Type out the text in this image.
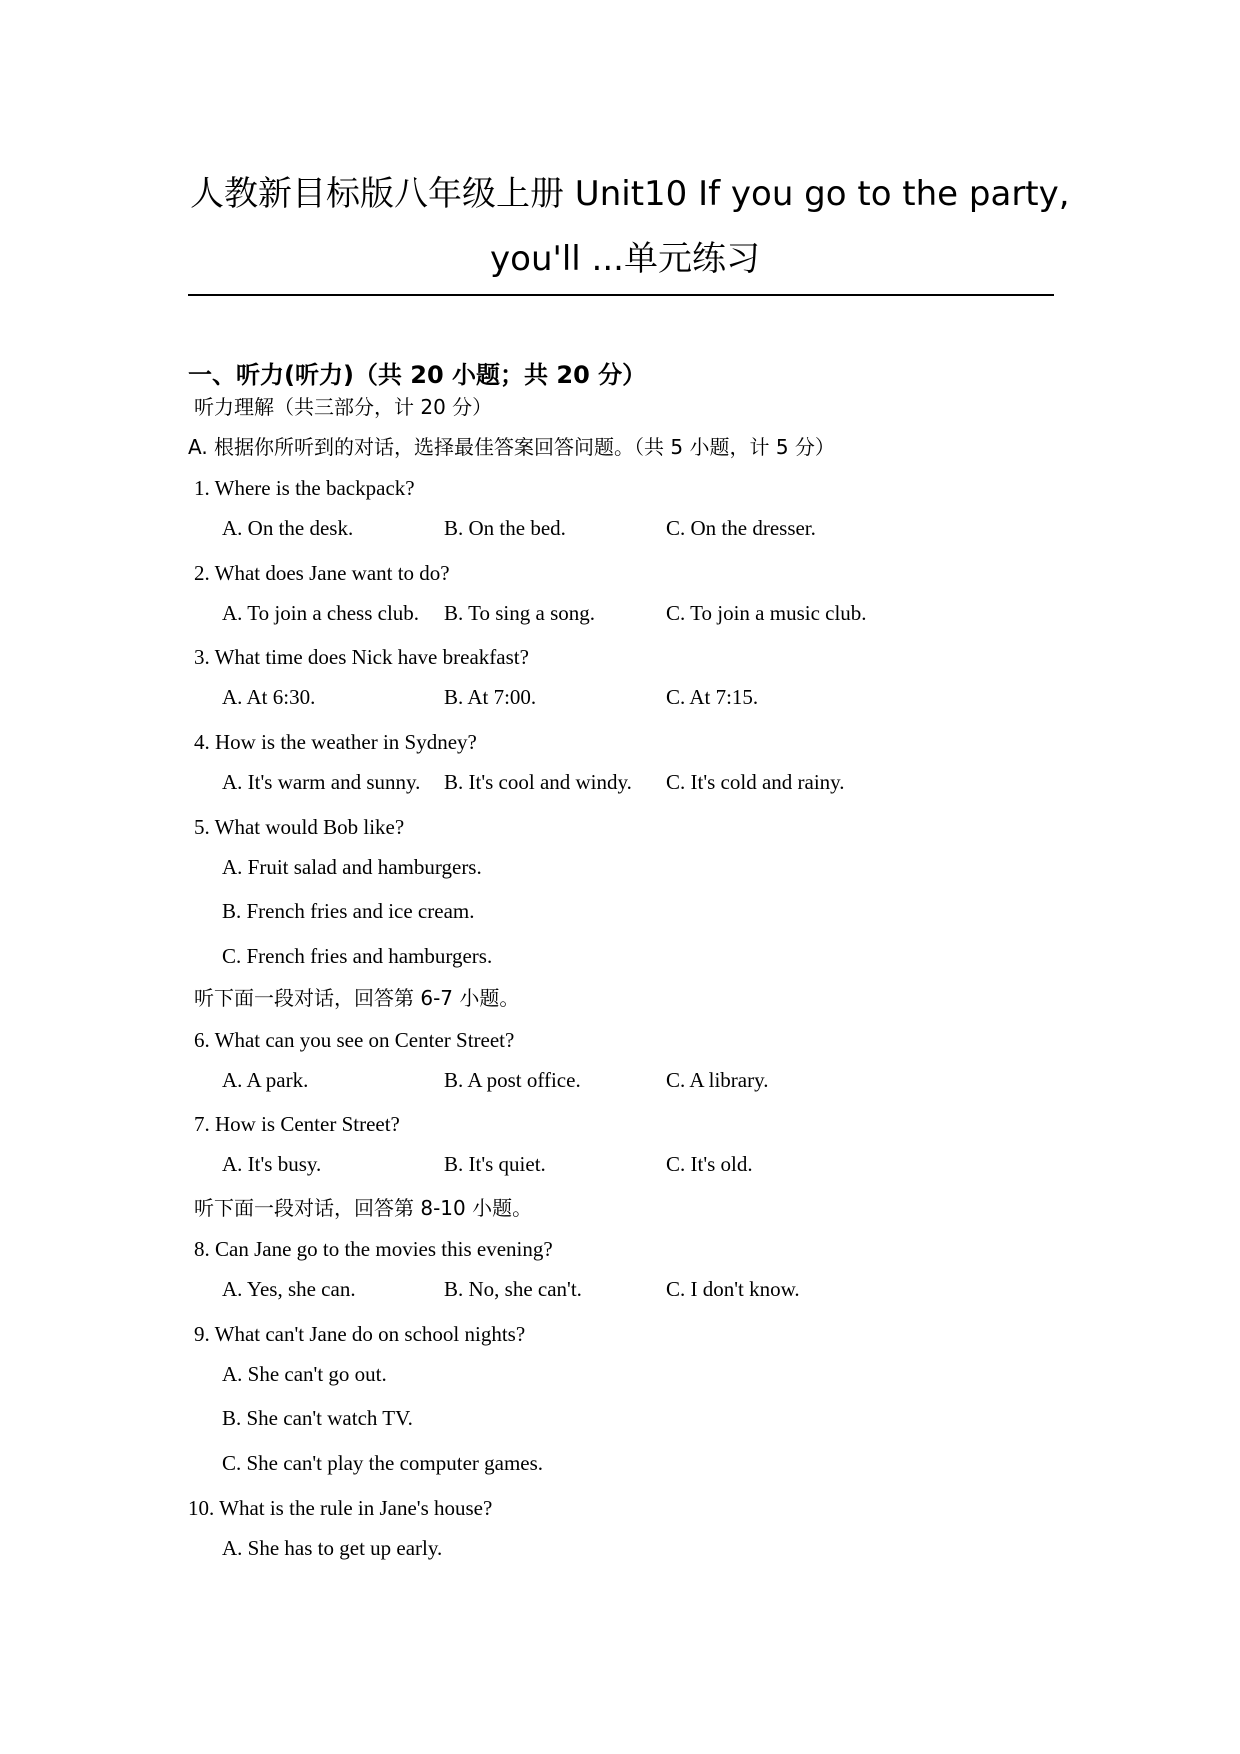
人教新目标版八年级上册 Unit10 If you go to the party,
you'll ...单元练习
一、听力(听力)（共 20 小题；共 20 分）
听力理解（共三部分，计 20 分）
A. 根据你所听到的对话，选择最佳答案回答问题。（共 5 小题，计 5 分）
1. Where is the backpack?
A. On the desk.	B. On the bed.	C. On the dresser.
2. What does Jane want to do?
A. To join a chess club. B. To sing a song.	C. To join a music club.
3. What time does Nick have breakfast?
A. At 6:30.	B. At 7:00.	C. At 7:15.
4. How is the weather in Sydney?
A. It's warm and sunny. B. It's cool and windy. C. It's cold and rainy.
5. What would Bob like?
A. Fruit salad and hamburgers.
B. French fries and ice cream.
C. French fries and hamburgers.
听下面一段对话，回答第 6-7 小题。
6. What can you see on Center Street?
A. A park.	B. A post office.	C. A library.
7. How is Center Street?
A. It's busy.	B. It's quiet.	C. It's old.
听下面一段对话，回答第 8-10 小题。
8. Can Jane go to the movies this evening?
A. Yes, she can.	B. No, she can't.	C. I don't know.
9. What can't Jane do on school nights?
A. She can't go out.
B. She can't watch TV.
C. She can't play the computer games.
10. What is the rule in Jane's house?
A. She has to get up early.
